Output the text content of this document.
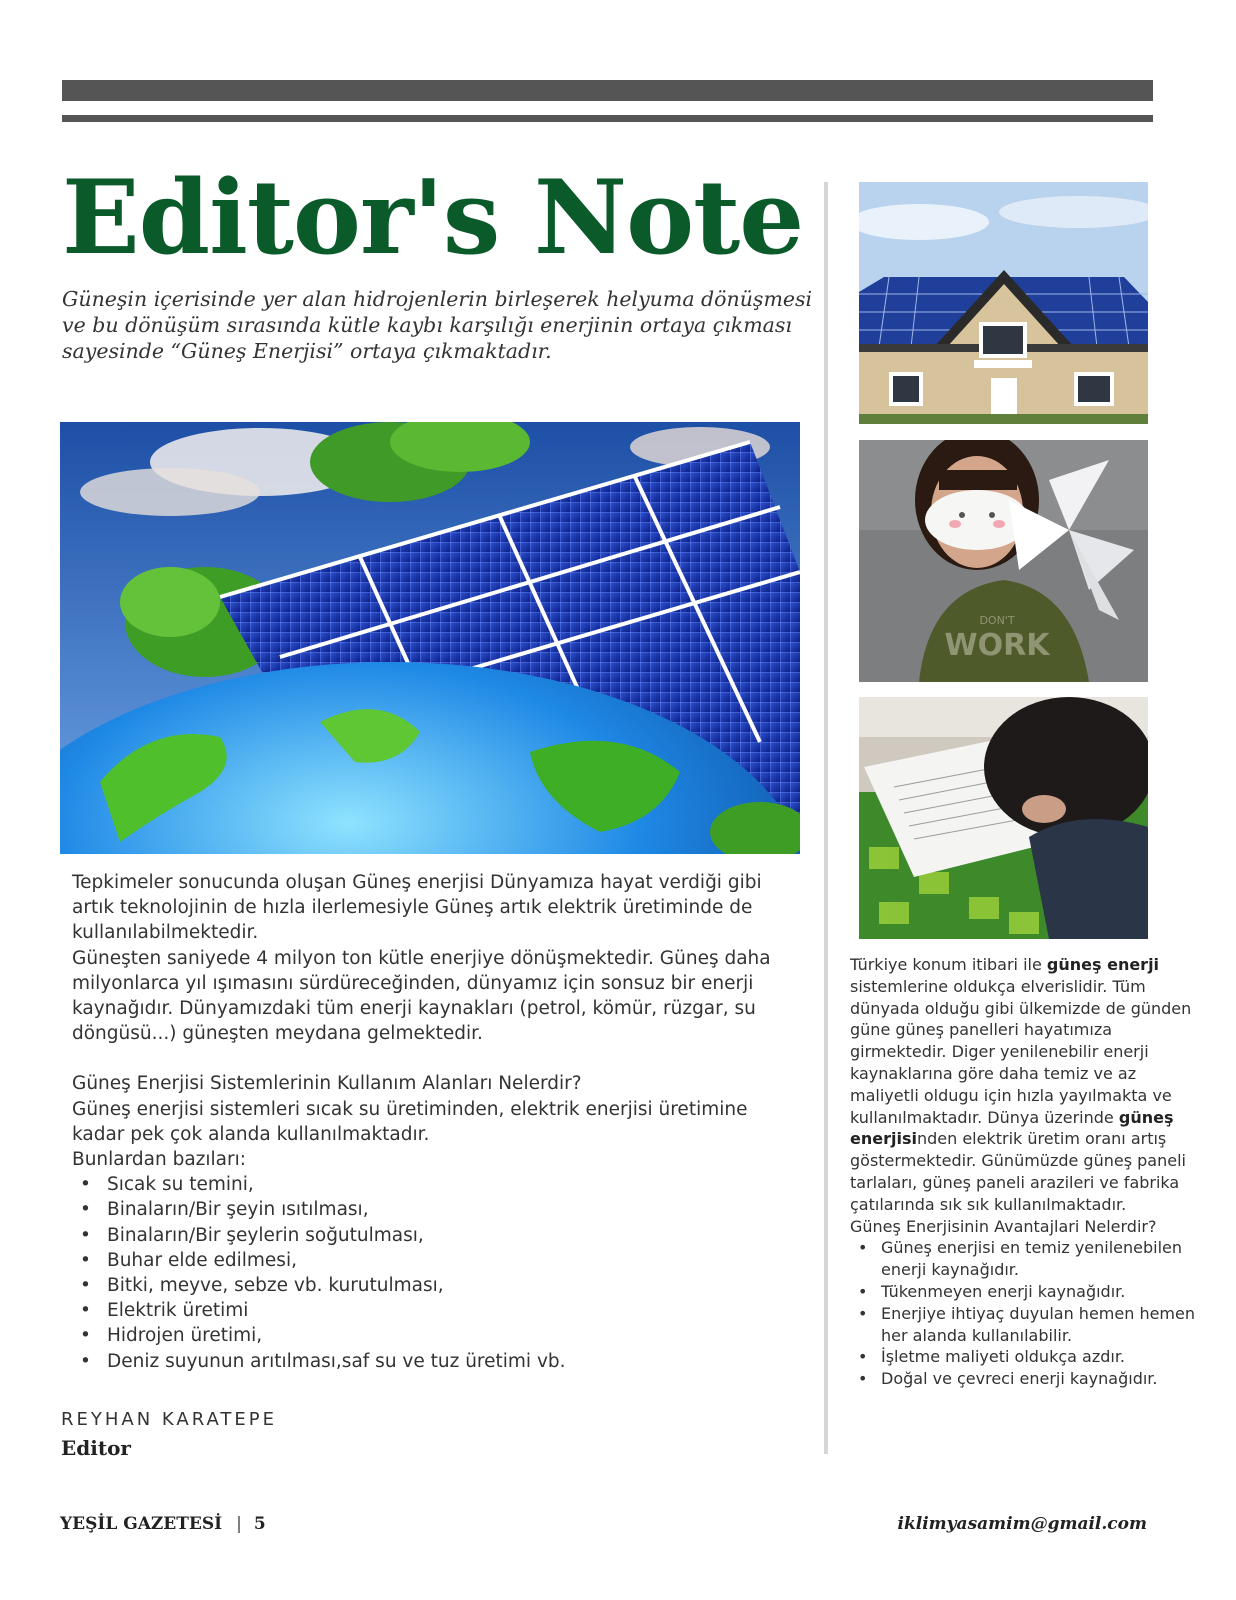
Editor's Note

Güneşin içerisinde yer alan hidrojenlerin birleşerek helyuma dönüşmesi ve bu dönüşüm sırasında kütle kaybı karşılığı enerjinin ortaya çıkması sayesinde “Güneş Enerjisi” ortaya çıkmaktadır.

Tepkimeler sonucunda oluşan Güneş enerjisi Dünyamıza hayat verdiği gibi artık teknolojinin de hızla ilerlemesiyle Güneş artık elektrik üretiminde de kullanılabilmektedir.

Güneşten saniyede 4 milyon ton kütle enerjiye dönüşmektedir. Güneş daha milyonlarca yıl ışımasını sürdüreceğinden, dünyamız için sonsuz bir enerji kaynağıdır. Dünyamızdaki tüm enerji kaynakları (petrol, kömür, rüzgar, su döngüsü...) güneşten meydana gelmektedir.

Güneş Enerjisi Sistemlerinin Kullanım Alanları Nelerdir?

Güneş enerjisi sistemleri sıcak su üretiminden, elektrik enerjisi üretimine kadar pek çok alanda kullanılmaktadır.

Bunlardan bazıları:

• Sıcak su temini,
• Binaların/Bir şeyin ısıtılması,
• Binaların/Bir şeylerin soğutulması,
• Buhar elde edilmesi,
• Bitki, meyve, sebze vb. kurutulması,
• Elektrik üretimi
• Hidrojen üretimi,
• Deniz suyunun arıtılması,saf su ve tuz üretimi vb.
REYHAN KARATEPE
Editor
WORK
DON'T

Türkiye konum itibari ile güneş enerji sistemlerine oldukça elverislidir. Tüm dünyada olduğu gibi ülkemizde de günden güne güneş panelleri hayatımıza girmektedir. Diger yenilenebilir enerji kaynaklarına göre daha temiz ve az maliyetli oldugu için hızla yayılmakta ve kullanılmaktadır. Dünya üzerinde güneş enerjisinden elektrik üretim oranı artış göstermektedir. Günümüzde güneş paneli tarlaları, güneş paneli arazileri ve fabrika çatılarında sık sık kullanılmaktadır.

Güneş Enerjisinin Avantajlari Nelerdir?

• Güneş enerjisi en temiz yenilenebilen enerji kaynağıdır.
• Tükenmeyen enerji kaynağıdır.
• Enerjiye ihtiyaç duyulan hemen hemen her alanda kullanılabilir.
• İşletme maliyeti oldukça azdır.
• Doğal ve çevreci enerji kaynağıdır.
YEŞİL GAZETESİ | 5	iklimyasamim@gmail.com
